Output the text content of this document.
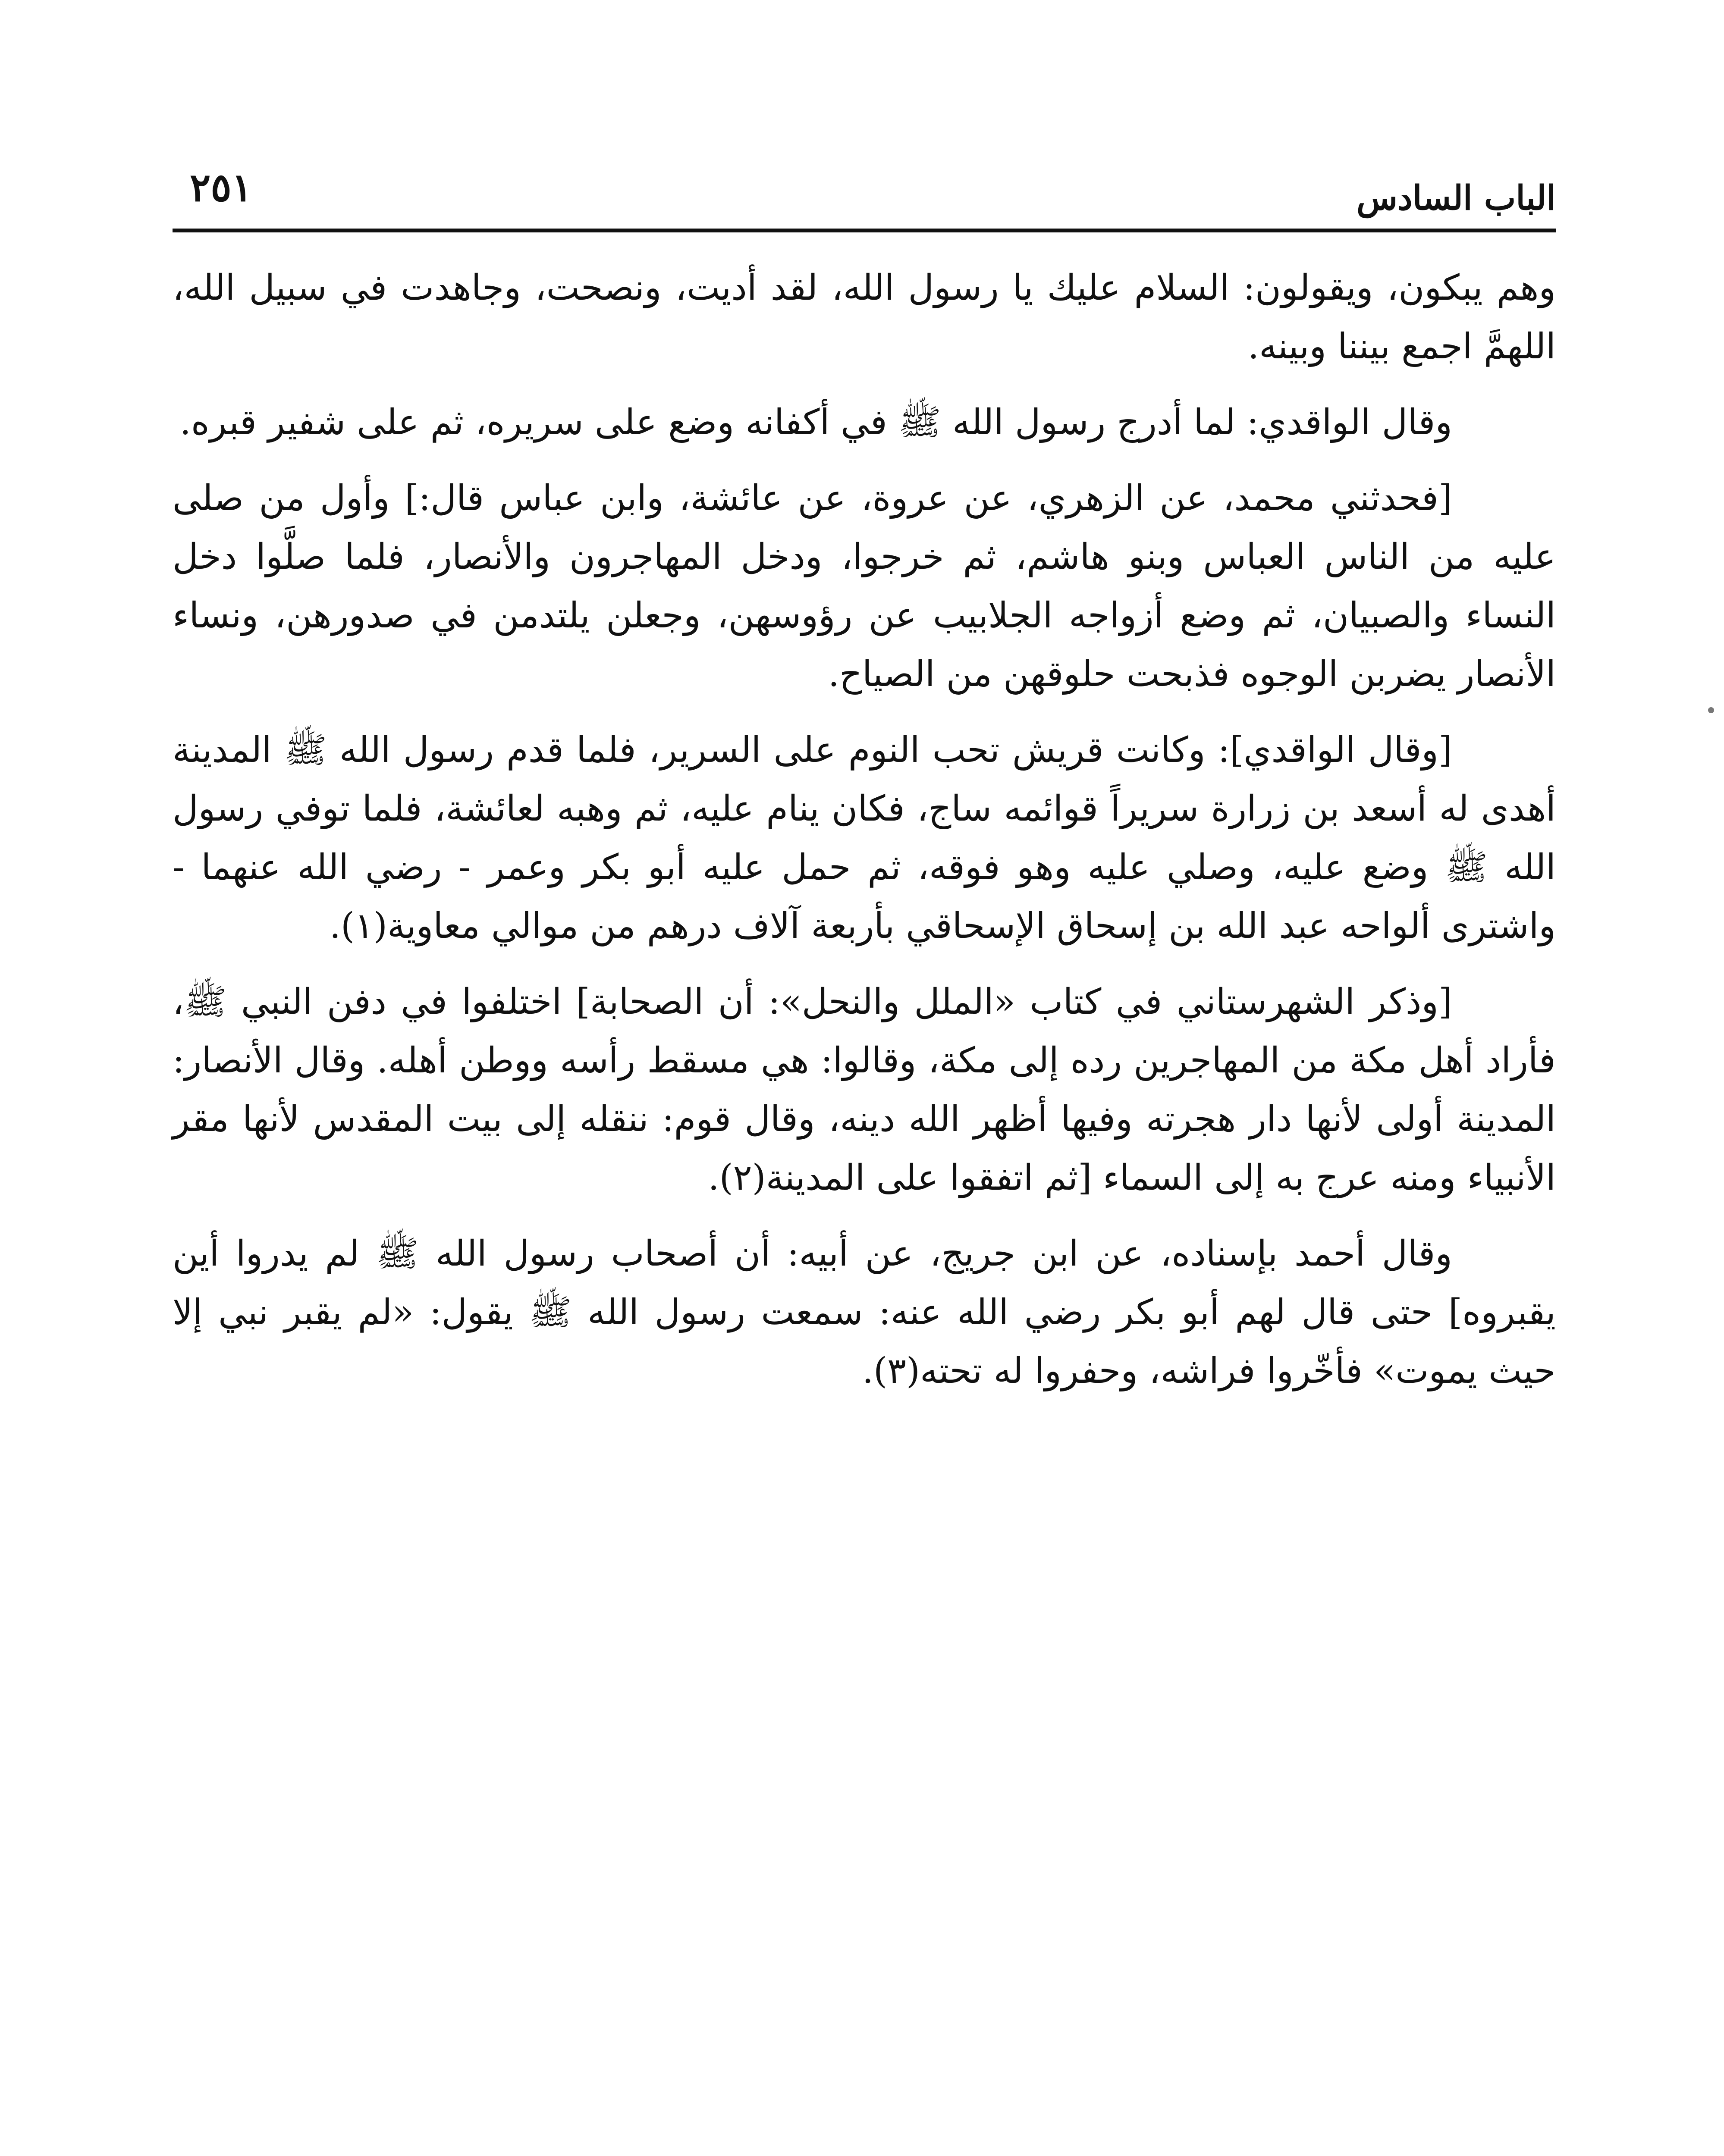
الباب السادس
٢٥١

وهم يبكون، ويقولون: السلام عليك يا رسول الله، لقد أديت، ونصحت، وجاهدت في سبيل الله، اللهمَّ اجمع بيننا وبينه.

وقال الواقدي: لما أدرج رسول الله ﷺ في أكفانه وضع على سريره، ثم على شفير قبره.

[فحدثني محمد، عن الزهري، عن عروة، عن عائشة، وابن عباس قال:] وأول من صلى عليه من الناس العباس وبنو هاشم، ثم خرجوا، ودخل المهاجرون والأنصار، فلما صلَّوا دخل النساء والصبيان، ثم وضع أزواجه الجلابيب عن رؤوسهن، وجعلن يلتدمن في صدورهن، ونساء الأنصار يضربن الوجوه فذبحت حلوقهن من الصياح.

[وقال الواقدي]: وكانت قريش تحب النوم على السرير، فلما قدم رسول الله ﷺ المدينة أهدى له أسعد بن زرارة سريراً قوائمه ساج، فكان ينام عليه، ثم وهبه لعائشة، فلما توفي رسول الله ﷺ وضع عليه، وصلي عليه وهو فوقه، ثم حمل عليه أبو بكر وعمر - رضي الله عنهما - واشترى ألواحه عبد الله بن إسحاق الإسحاقي بأربعة آلاف درهم من موالي معاوية(١).

[وذكر الشهرستاني في كتاب «الملل والنحل»: أن الصحابة] اختلفوا في دفن النبي ﷺ، فأراد أهل مكة من المهاجرين رده إلى مكة، وقالوا: هي مسقط رأسه ووطن أهله. وقال الأنصار: المدينة أولى لأنها دار هجرته وفيها أظهر الله دينه، وقال قوم: ننقله إلى بيت المقدس لأنها مقر الأنبياء ومنه عرج به إلى السماء [ثم اتفقوا على المدينة(٢).

وقال أحمد بإسناده، عن ابن جريج، عن أبيه: أن أصحاب رسول الله ﷺ لم يدروا أين يقبروه] حتى قال لهم أبو بكر رضي الله عنه: سمعت رسول الله ﷺ يقول: «لم يقبر نبي إلا حيث يموت» فأخّروا فراشه، وحفروا له تحته(٣).
